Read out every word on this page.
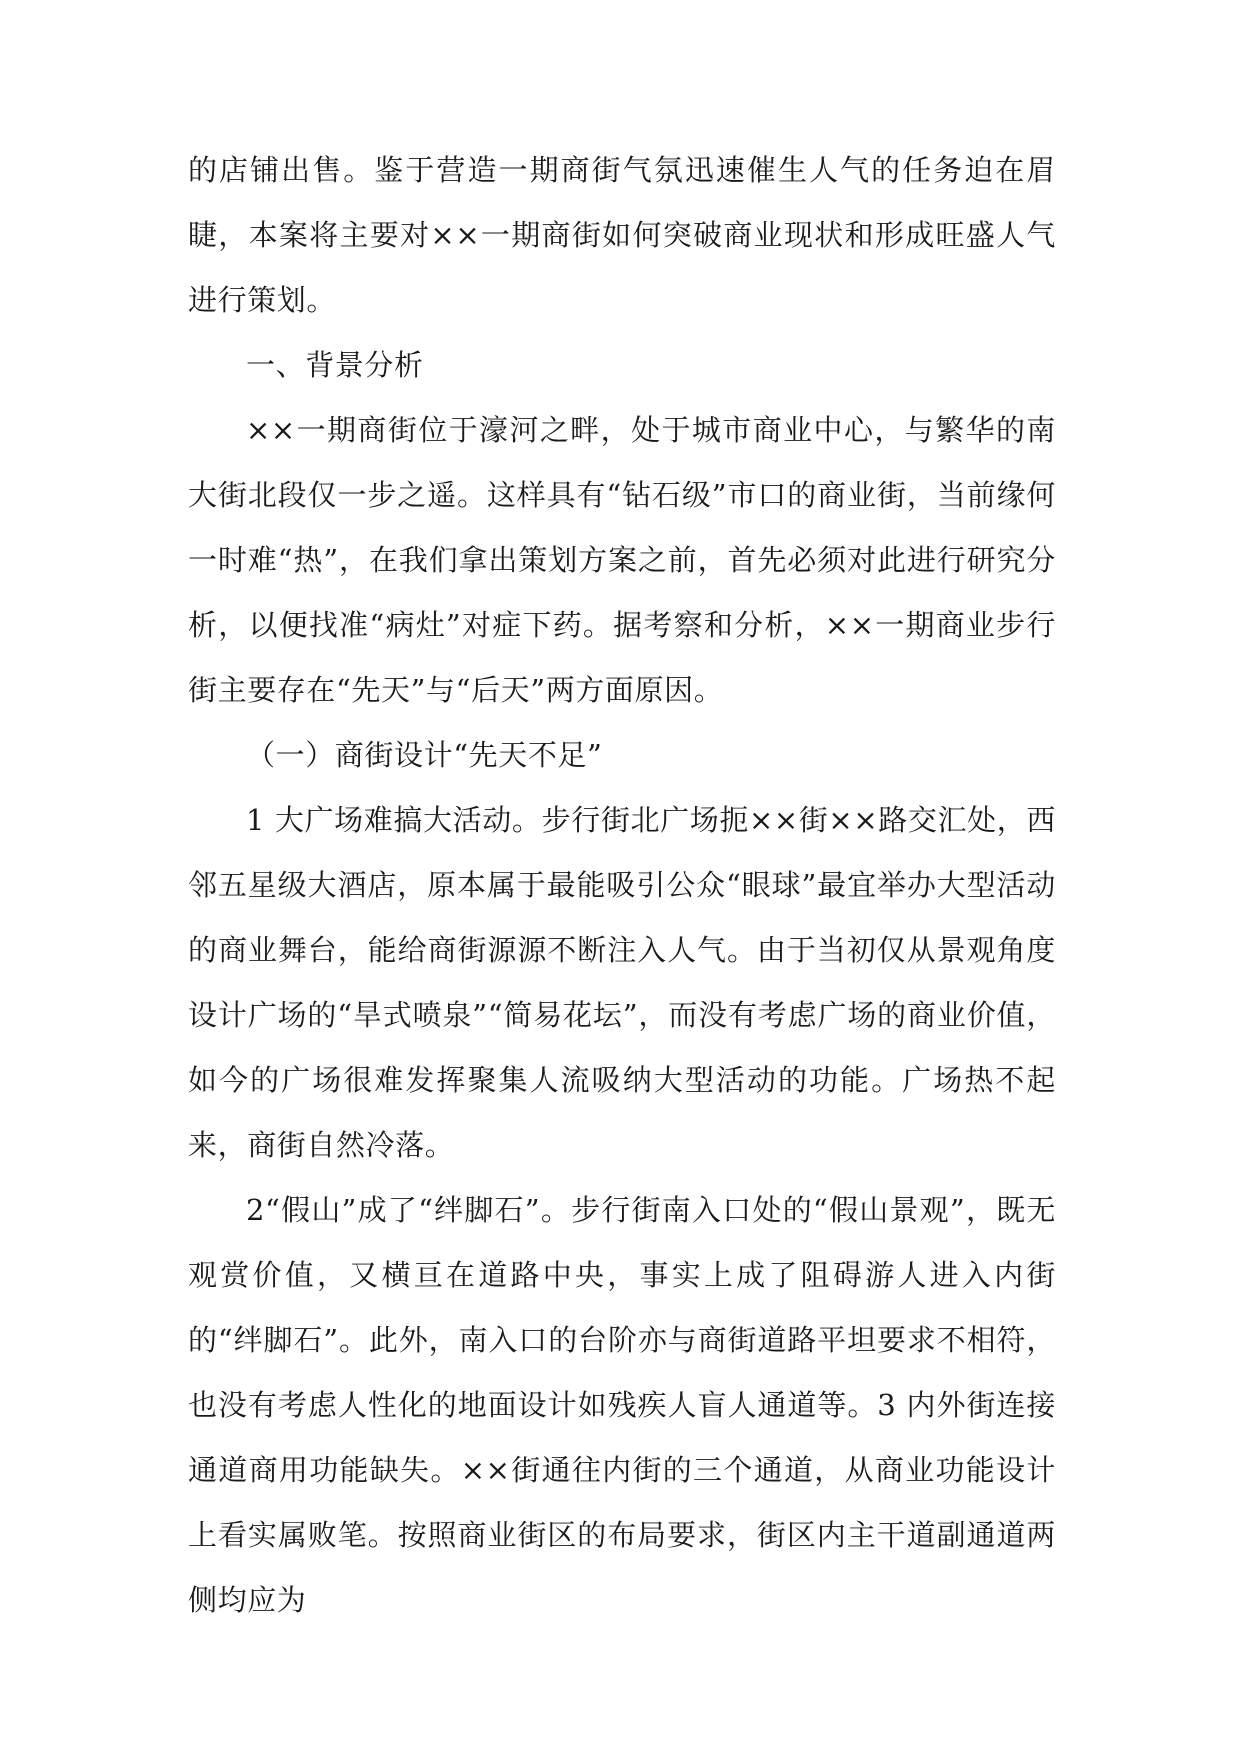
的店铺出售。鉴于营造一期商街气氛迅速催生人气的任务迫在眉睫，本案将主要对××一期商街如何突破商业现状和形成旺盛人气进行策划。

一、背景分析

××一期商街位于濠河之畔，处于城市商业中心，与繁华的南大街北段仅一步之遥。这样具有“钻石级”市口的商业街，当前缘何一时难“热”，在我们拿出策划方案之前，首先必须对此进行研究分析，以便找准“病灶”对症下药。据考察和分析，××一期商业步行街主要存在“先天”与“后天”两方面原因。

（一）商街设计“先天不足”

1 大广场难搞大活动。步行街北广场扼××街××路交汇处，西邻五星级大酒店，原本属于最能吸引公众“眼球”最宜举办大型活动的商业舞台，能给商街源源不断注入人气。由于当初仅从景观角度设计广场的“旱式喷泉”“简易花坛”，而没有考虑广场的商业价值，如今的广场很难发挥聚集人流吸纳大型活动的功能。广场热不起来，商街自然冷落。

2“假山”成了“绊脚石”。步行街南入口处的“假山景观”，既无观赏价值，又横亘在道路中央，事实上成了阻碍游人进入内街的“绊脚石”。此外，南入口的台阶亦与商街道路平坦要求不相符，也没有考虑人性化的地面设计如残疾人盲人通道等。3 内外街连接通道商用功能缺失。××街通往内街的三个通道，从商业功能设计上看实属败笔。按照商业街区的布局要求，街区内主干道副通道两侧均应为
